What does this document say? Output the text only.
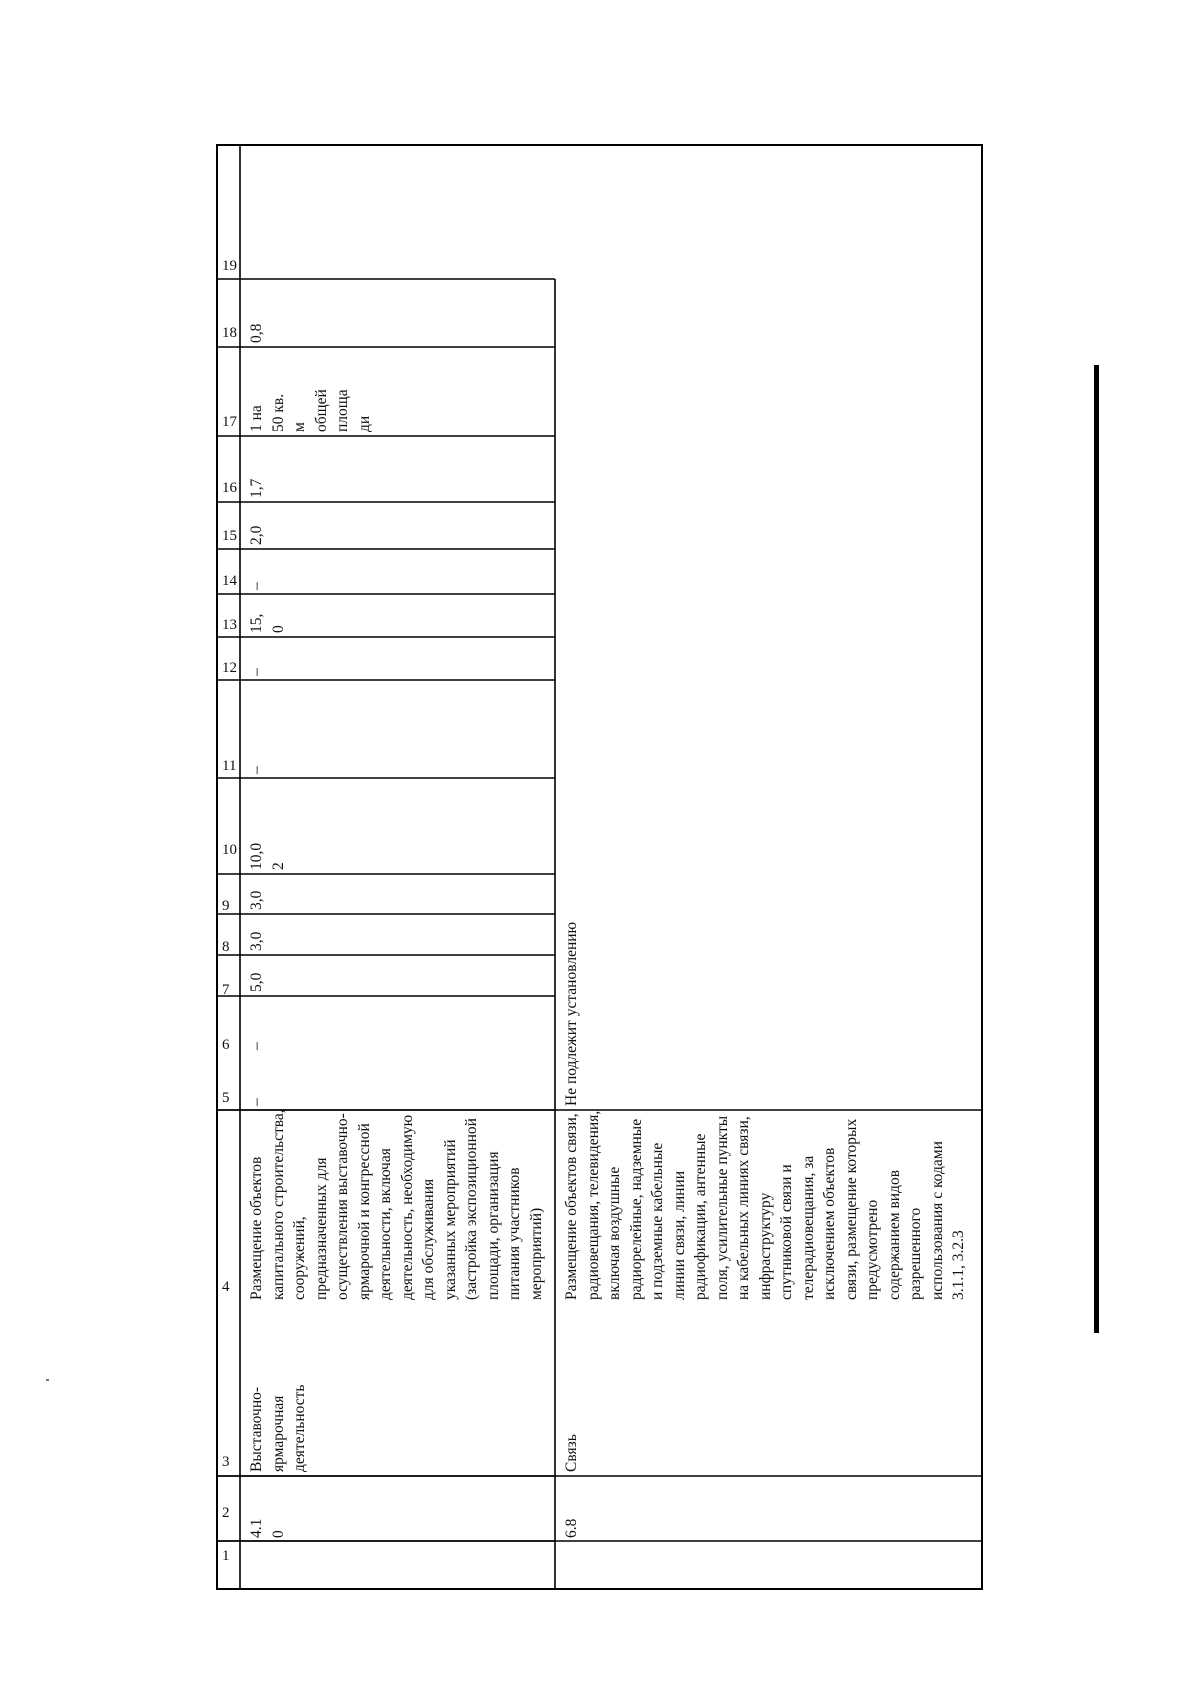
1
2
3
4
5
6
7
8
9
10
11
12
13
14
15
16
17
18
19
4.1 0
Выставочно- ярмарочная деятельность
Размещение объектов капитального строительства, сооружений, предназначенных для осуществления выставочно- ярмарочной и конгрессной деятельности, включая деятельность, необходимую для обслуживания указанных мероприятий (застройка экспозиционной площади, организация питания участников мероприятий)
–
–
5,0
3,0
3,0
10,0 2
–
–
15, 0
–
2,0
1,7
1 на 50 кв. м общей площа ди
0,8
6.8
Связь
Размещение объектов связи, радиовещания, телевидения, включая воздушные радиорелейные, надземные и подземные кабельные линии связи, линии радиофикации, антенные поля, усилительные пункты на кабельных линиях связи, инфраструктуру спутниковой связи и телерадиовещания, за исключением объектов связи, размещение которых предусмотрено содержанием видов разрешенного использования с кодами 3.1.1, 3.2.3
Не подлежит установлению
